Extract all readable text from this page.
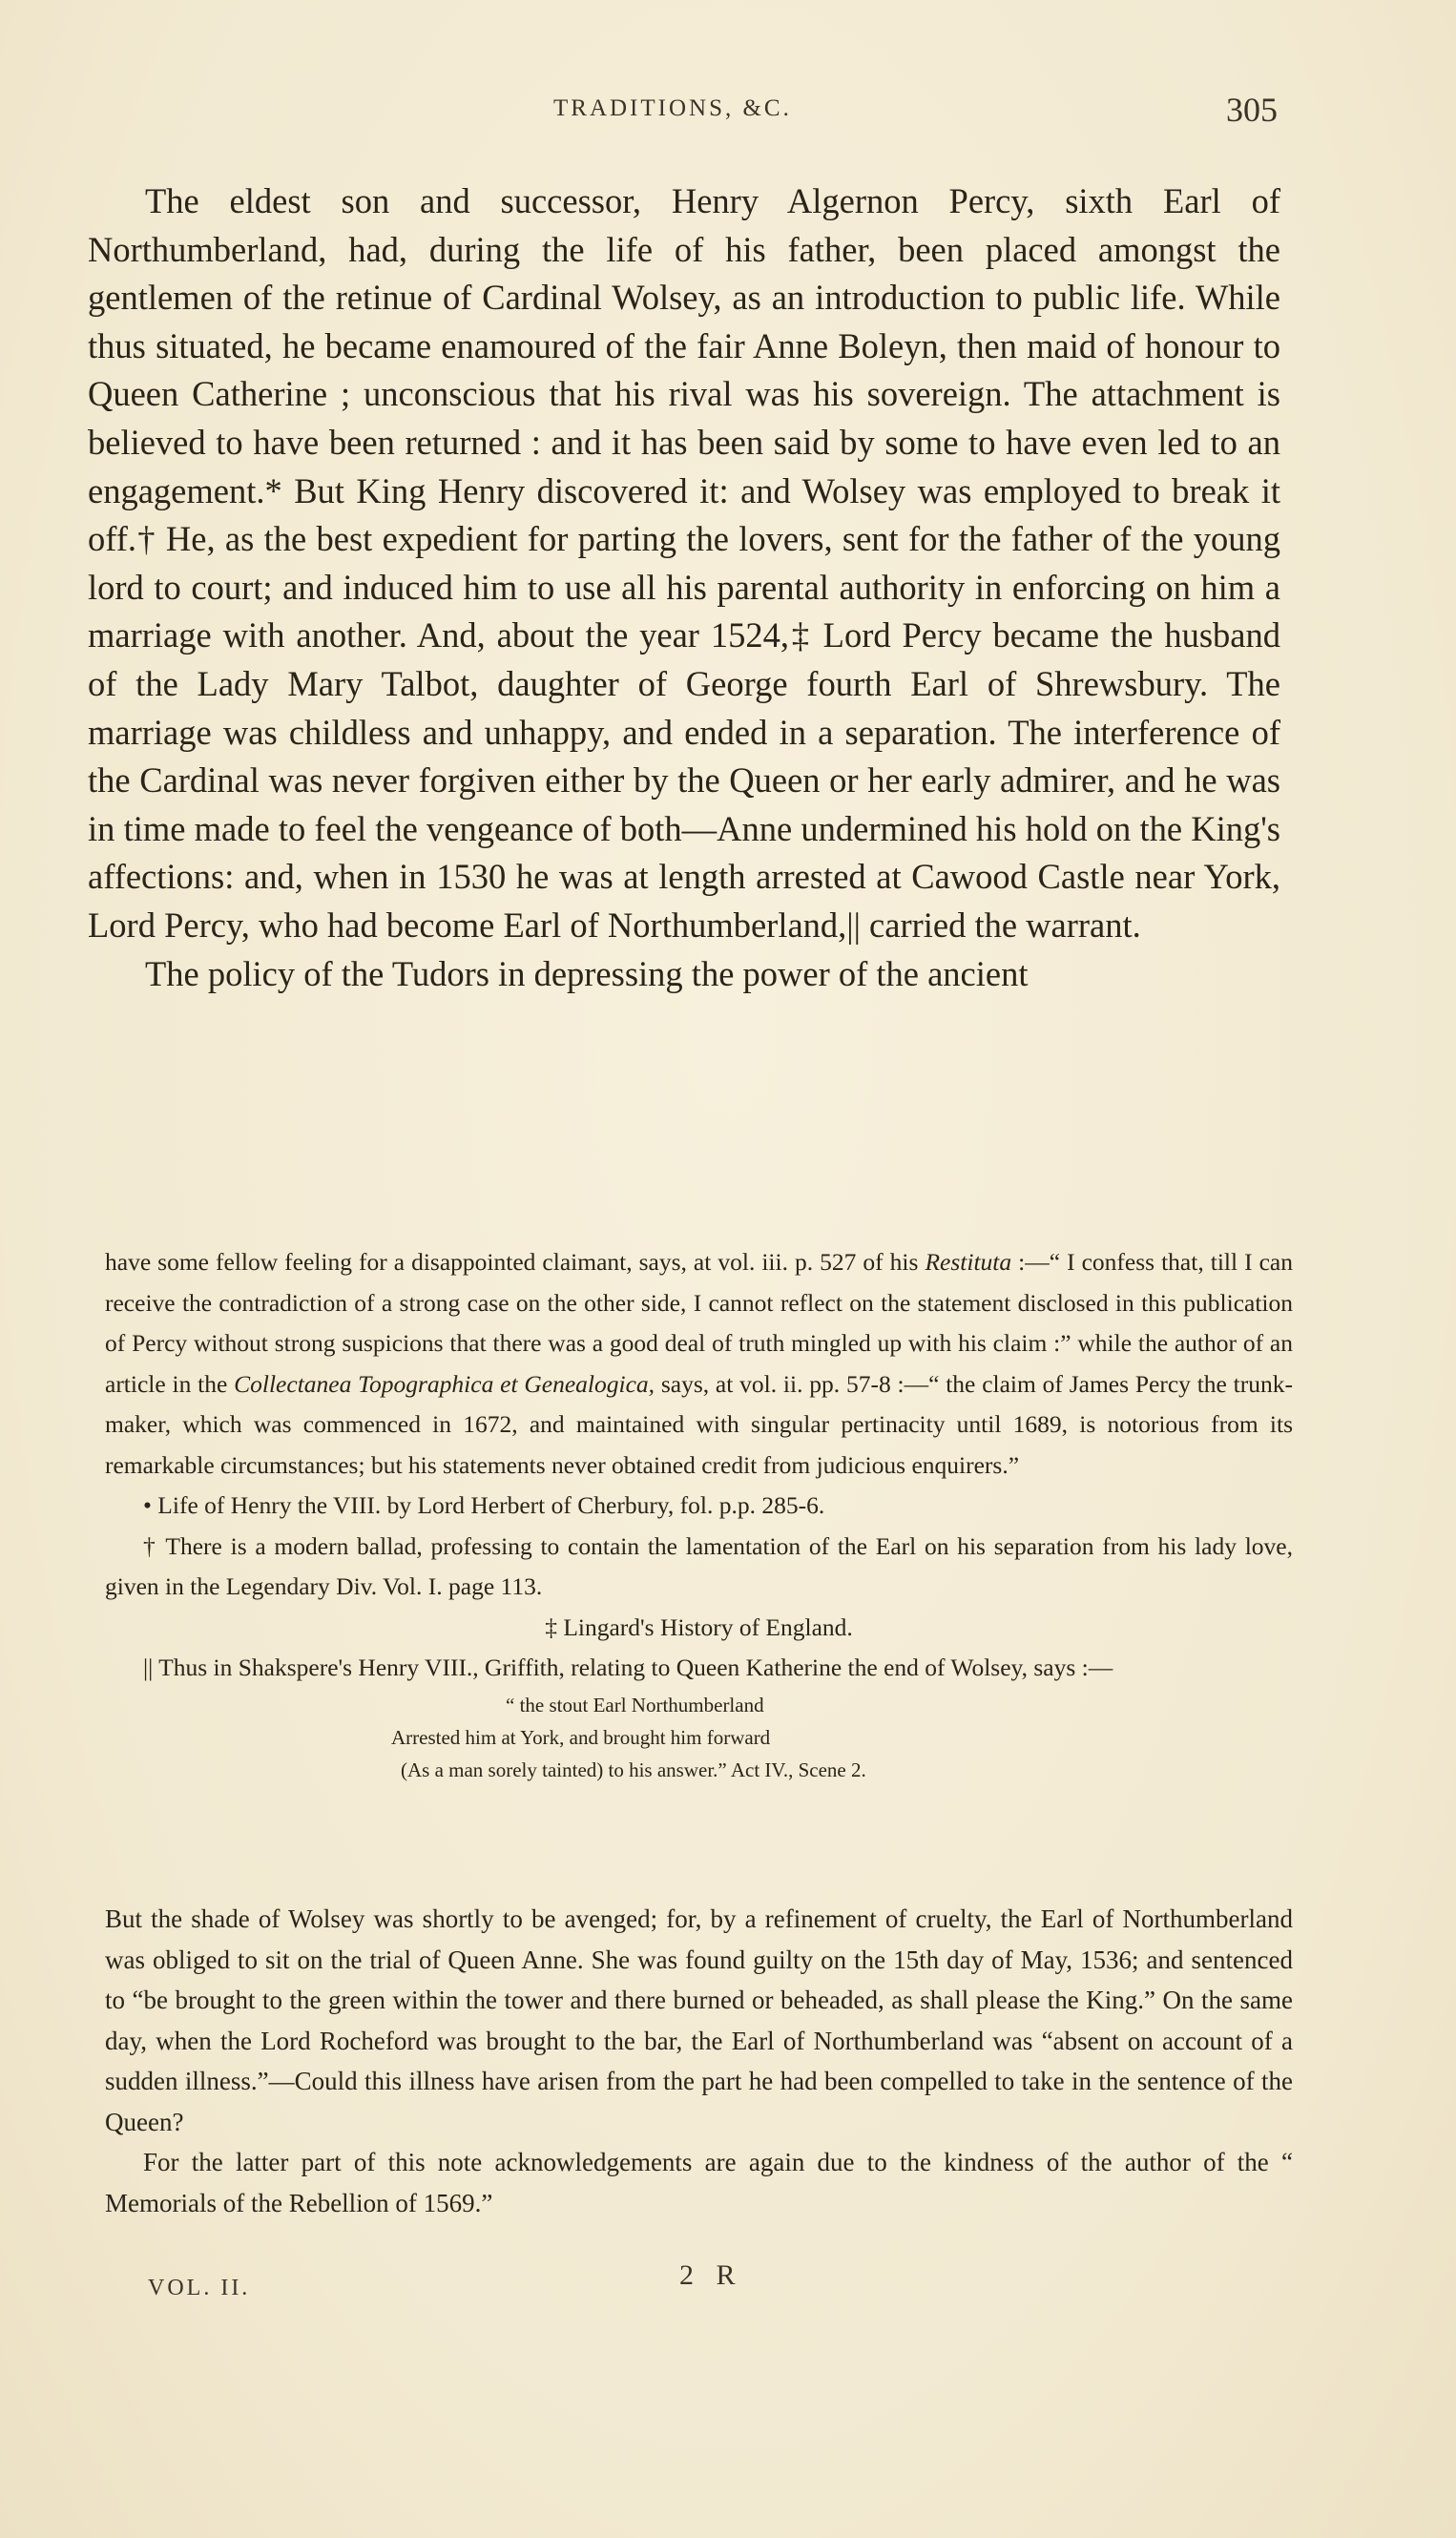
TRADITIONS, &C.	305

The eldest son and successor, Henry Algernon Percy, sixth Earl of Northumberland, had, during the life of his father, been placed amongst the gentlemen of the retinue of Cardinal Wolsey, as an introduction to public life. While thus situated, he became enamoured of the fair Anne Boleyn, then maid of honour to Queen Catherine ; unconscious that his rival was his sovereign. The attachment is believed to have been returned : and it has been said by some to have even led to an engagement.* But King Henry discovered it: and Wolsey was employed to break it off.† He, as the best expedient for parting the lovers, sent for the father of the young lord to court; and induced him to use all his parental authority in enforcing on him a marriage with another. And, about the year 1524,‡ Lord Percy became the husband of the Lady Mary Talbot, daughter of George fourth Earl of Shrewsbury. The marriage was childless and unhappy, and ended in a separation. The interference of the Cardinal was never forgiven either by the Queen or her early admirer, and he was in time made to feel the vengeance of both—Anne undermined his hold on the King's affections: and, when in 1530 he was at length arrested at Cawood Castle near York, Lord Percy, who had become Earl of Northumberland,|| carried the warrant.

The policy of the Tudors in depressing the power of the ancient

have some fellow feeling for a disappointed claimant, says, at vol. iii. p. 527 of his Restituta :—“ I confess that, till I can receive the contradiction of a strong case on the other side, I cannot reflect on the statement disclosed in this publication of Percy without strong suspicions that there was a good deal of truth mingled up with his claim :” while the author of an article in the Collectanea Topographica et Genealogica, says, at vol. ii. pp. 57-8 :—“ the claim of James Percy the trunk-maker, which was commenced in 1672, and maintained with singular pertinacity until 1689, is notorious from its remarkable circumstances; but his statements never obtained credit from judicious enquirers.”

• Life of Henry the VIII. by Lord Herbert of Cherbury, fol. p.p. 285-6.

† There is a modern ballad, professing to contain the lamentation of the Earl on his separation from his lady love, given in the Legendary Div. Vol. I. page 113.

‡ Lingard's History of England.

|| Thus in Shakspere's Henry VIII., Griffith, relating to Queen Katherine the end of Wolsey, says :—

“ the stout Earl Northumberland
Arrested him at York, and brought him forward
(As a man sorely tainted) to his answer.” Act IV., Scene 2.

But the shade of Wolsey was shortly to be avenged; for, by a refinement of cruelty, the Earl of Northumberland was obliged to sit on the trial of Queen Anne. She was found guilty on the 15th day of May, 1536; and sentenced to “be brought to the green within the tower and there burned or beheaded, as shall please the King.” On the same day, when the Lord Rocheford was brought to the bar, the Earl of Northumberland was “absent on account of a sudden illness.”—Could this illness have arisen from the part he had been compelled to take in the sentence of the Queen?

For the latter part of this note acknowledgements are again due to the kindness of the author of the “ Memorials of the Rebellion of 1569.”

VOL. II.	2 R
